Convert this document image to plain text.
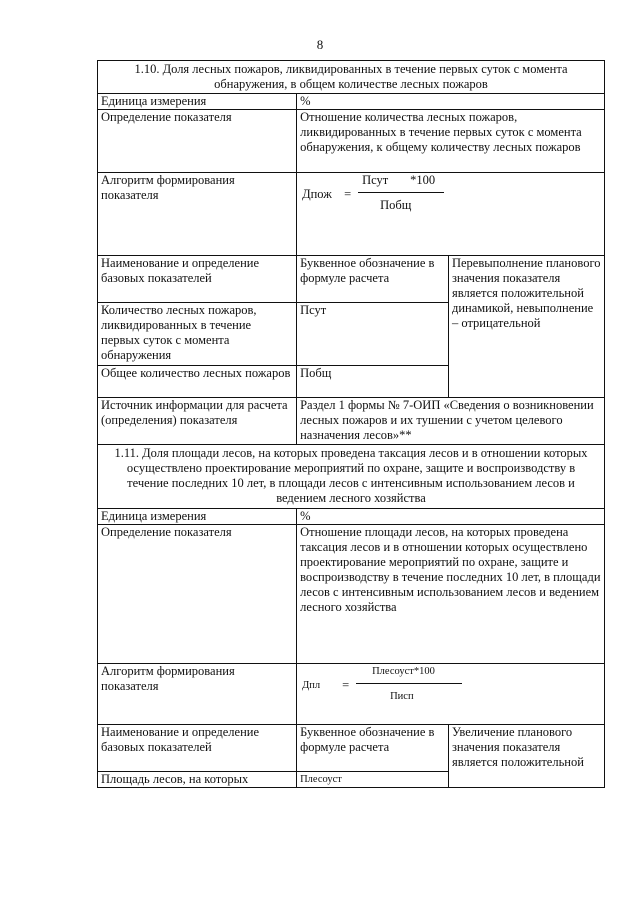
8
1.10. Доля лесных пожаров, ликвидированных в течение первых суток с момента обнаружения, в общем количестве лесных пожаров		
Единица измерения	%	
Определение показателя	Отношение количества лесных пожаров, ликвидированных в течение первых суток с момента обнаружения, к общему количеству лесных пожаров	
Алгоритм формирования показателя	Дпож =
Псут *100
Побщ	

Наименование и определение базовых показателей	Буквенное обозначение в формуле расчета	Перевыполнение планового значения показателя является положительной динамикой, невыполнение – отрицательной
Количество лесных пожаров, ликвидированных в течение первых суток с момента обнаружения	Псут	
Общее количество лесных пожаров	Побщ	
Источник информации для расчета (определения) показателя	Раздел 1 формы № 7-ОИП «Сведения о возникновении лесных пожаров и их тушении с учетом целевого назначения лесов»**	
1.11. Доля площади лесов, на которых проведена таксация лесов и в отношении которых осуществлено проектирование мероприятий по охране, защите и воспроизводству в течение последних 10 лет, в площади лесов с интенсивным использованием лесов и ведением лесного хозяйства		
Единица измерения	%	
Определение показателя	Отношение площади лесов, на которых проведена таксация лесов и в отношении которых осуществлено проектирование мероприятий по охране, защите и воспроизводству в течение последних 10 лет, в площади лесов с интенсивным использованием лесов и ведением лесного хозяйства	
Алгоритм формирования показателя	Дпл =
Плесоуст*100
Писп	

Наименование и определение базовых показателей	Буквенное обозначение в формуле расчета	Увеличение планового значения показателя является положительной
Площадь лесов, на которых	Плесоуст	
